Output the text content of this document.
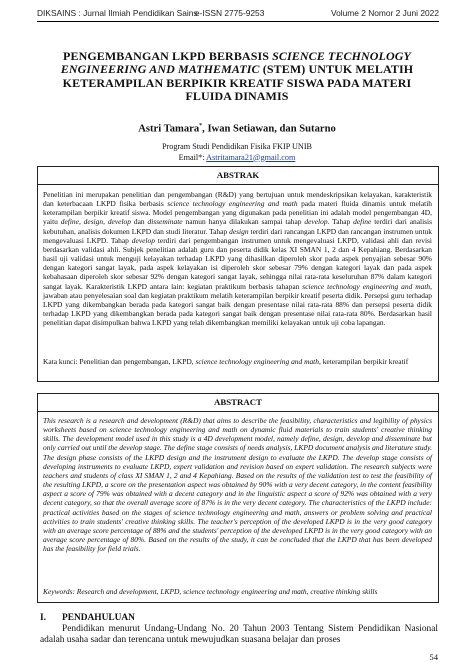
DIKSAINS : Jurnal Ilmiah Pendidikan Sains
e-ISSN 2775-9253	Volume 2 Nomor 2 Juni 2022
PENGEMBANGAN LKPD BERBASIS SCIENCE TECHNOLOGY ENGINEERING AND MATHEMATIC (STEM) UNTUK MELATIH KETERAMPILAN BERPIKIR KREATIF SISWA PADA MATERI FLUIDA DINAMIS
Astri Tamara*, Iwan Setiawan, dan Sutarno
Program Studi Pendidikan Fisika FKIP UNIB
Email*: Astritamara21@gmail.com
ABSTRAK
Penelitian ini merupakan penelitian dan pengembangan (R&D) yang bertujuan untuk mendeskripsikan kelayakan, karakteristik dan keterbacaan LKPD fisika berbasis science technology engineering and math pada materi fluida dinamis untuk melatih keterampilan berpikir kreatif siswa. Model pengembangan yang digunakan pada penelitian ini adalah model pengembangan 4D, yaitu define, design, develop dan disseminate namun hanya dilakukan sampai tahap develop. Tahap define terdiri dari analisis kebutuhan, analisis dokumen LKPD dan studi literatur. Tahap design terdiri dari rancangan LKPD dan rancangan instrumen untuk mengevaluasi LKPD. Tahap develop terdiri dari pengembangan instrumen untuk mengevaluasi LKPD, validasi ahli dan revisi berdasarkan validasi ahli. Subjek penelitian adalah guru dan peserta didik kelas XI SMAN 1, 2 dan 4 Kepahiang. Berdasarkan hasil uji validasi untuk menguji kelayakan terhadap LKPD yang dihasilkan diperoleh skor pada aspek penyajian sebesar 90% dengan kategori sangat layak, pada aspek kelayakan isi diperoleh skor sebesar 79% dengan kategori layak dan pada aspek kebahasaan diperoleh skor sebesar 92% dengan kategori sangat layak, sehingga nilai rata-rata keseluruhan 87% dalam kategori sangat layak. Karakteristik LKPD antara lain: kegiatan praktikum berbasis tahapan science technology engineering and math, jawaban atau penyelesaian soal dan kegiatan praktikum melatih keterampilan berpikir kreatif peserta didik. Persepsi guru terhadap LKPD yang dikembangkan berada pada kategori sangat baik dengan presentase nilai rata-rata 88% dan persepsi peserta didik terhadap LKPD yang dikembangkan berada pada kategori sangat baik dengan presentase nilai rata-rata 80%. Berdasarkan hasil penelitian dapat disimpulkan bahwa LKPD yang telah dikembangkan memiliki kelayakan untuk uji coba lapangan.
Kata kunci: Penelitian dan pengembangan, LKPD, science technology engineering and math, keterampilan berpikir kreatif
ABSTRACT
This research is a research and development (R&D) that aims to describe the feasibility, characteristics and legibility of physics worksheets based on science technology engineering and math on dynamic fluid materials to train students' creative thinking skills. The development model used in this study is a 4D development model, namely define, design, develop and disseminate but only carried out until the develop stage. The define stage consists of needs analysis, LKPD document analysis and literature study. The design phase consists of the LKPD design and the instrument design to evaluate the LKPD. The develop stage consists of developing instruments to evaluate LKPD, expert validation and revision based on expert validation. The research subjects were teachers and students of class XI SMAN 1, 2 and 4 Kepahiang. Based on the results of the validation test to test the feasibility of the resulting LKPD, a score on the presentation aspect was obtained by 90% with a very decent category, in the content feasibility aspect a score of 79% was obtained with a decent category and in the linguistic aspect a score of 92% was obtained with a very decent category, so that the overall average score of 87% is in the very decent category. The characteristics of the LKPD include: practical activities based on the stages of science technology engineering and math, answers or problem solving and practical activities to train students' creative thinking skills. The teacher's perception of the developed LKPD is in the very good category with an average score percentage of 88% and the students' perception of the developed LKPD is in the very good category with an average score percentage of 80%. Based on the results of the study, it can be concluded that the LKPD that has been developed has the feasibility for field trials.
Keywords: Research and development, LKPD, science technology engineering and math, creative thinking skills
I. PENDAHULUAN
Pendidikan menurut Undang-Undang No. 20 Tahun 2003 Tentang Sistem Pendidikan Nasional adalah usaha sadar dan terencana untuk mewujudkan suasana belajar dan proses
54
